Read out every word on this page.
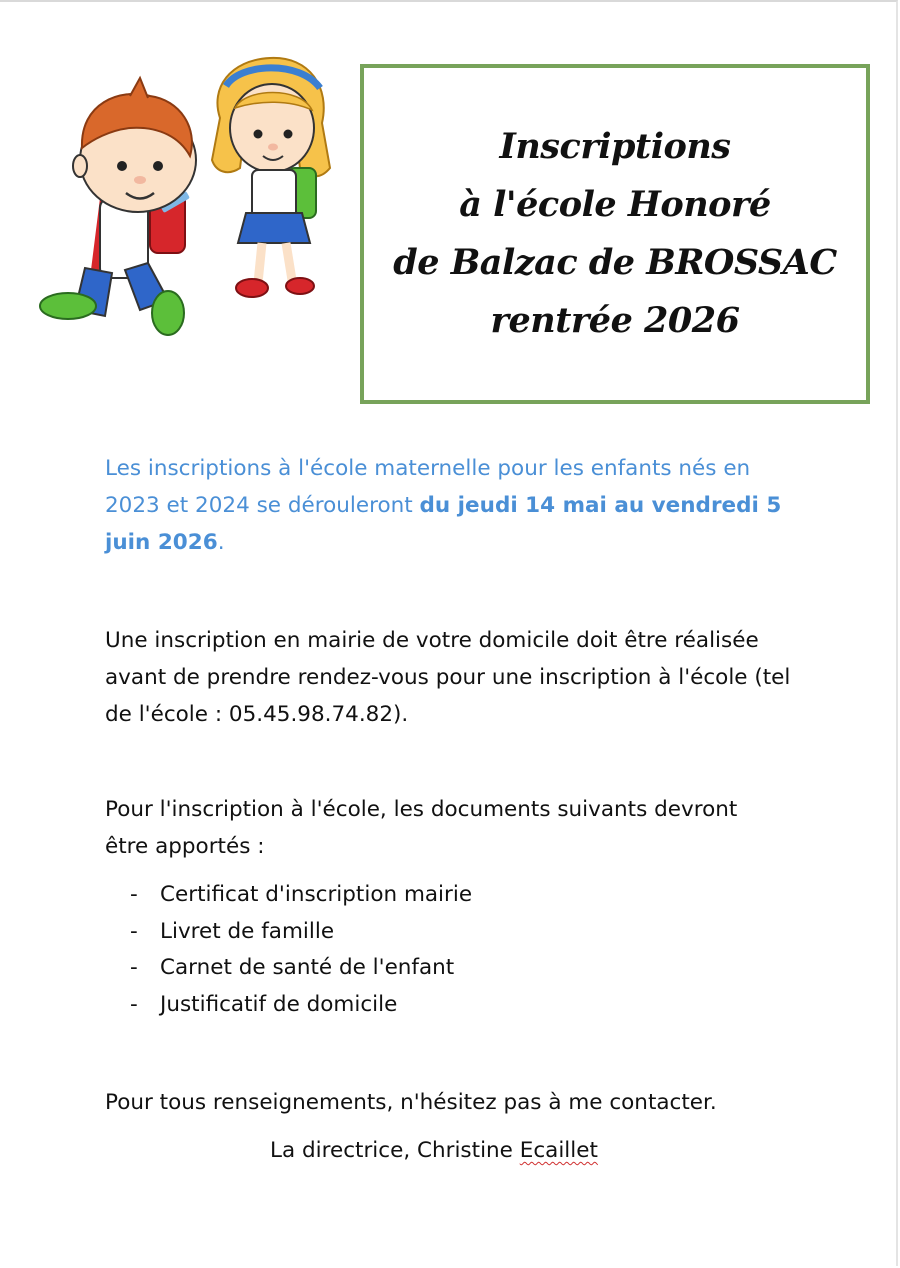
Inscriptions
à l'école Honoré
de Balzac de BROSSAC
rentrée 2026
Les inscriptions à l'école maternelle pour les enfants nés en 2023 et 2024 se dérouleront du jeudi 14 mai au vendredi 5 juin 2026.
Une inscription en mairie de votre domicile doit être réalisée avant de prendre rendez-vous pour une inscription à l'école (tel de l'école : 05.45.98.74.82).
Pour l'inscription à l'école, les documents suivants devront être apportés :
-	Certificat d'inscription mairie
-	Livret de famille
-	Carnet de santé de l'enfant
-	Justificatif de domicile
Pour tous renseignements, n'hésitez pas à me contacter.
La directrice, Christine Ecaillet
